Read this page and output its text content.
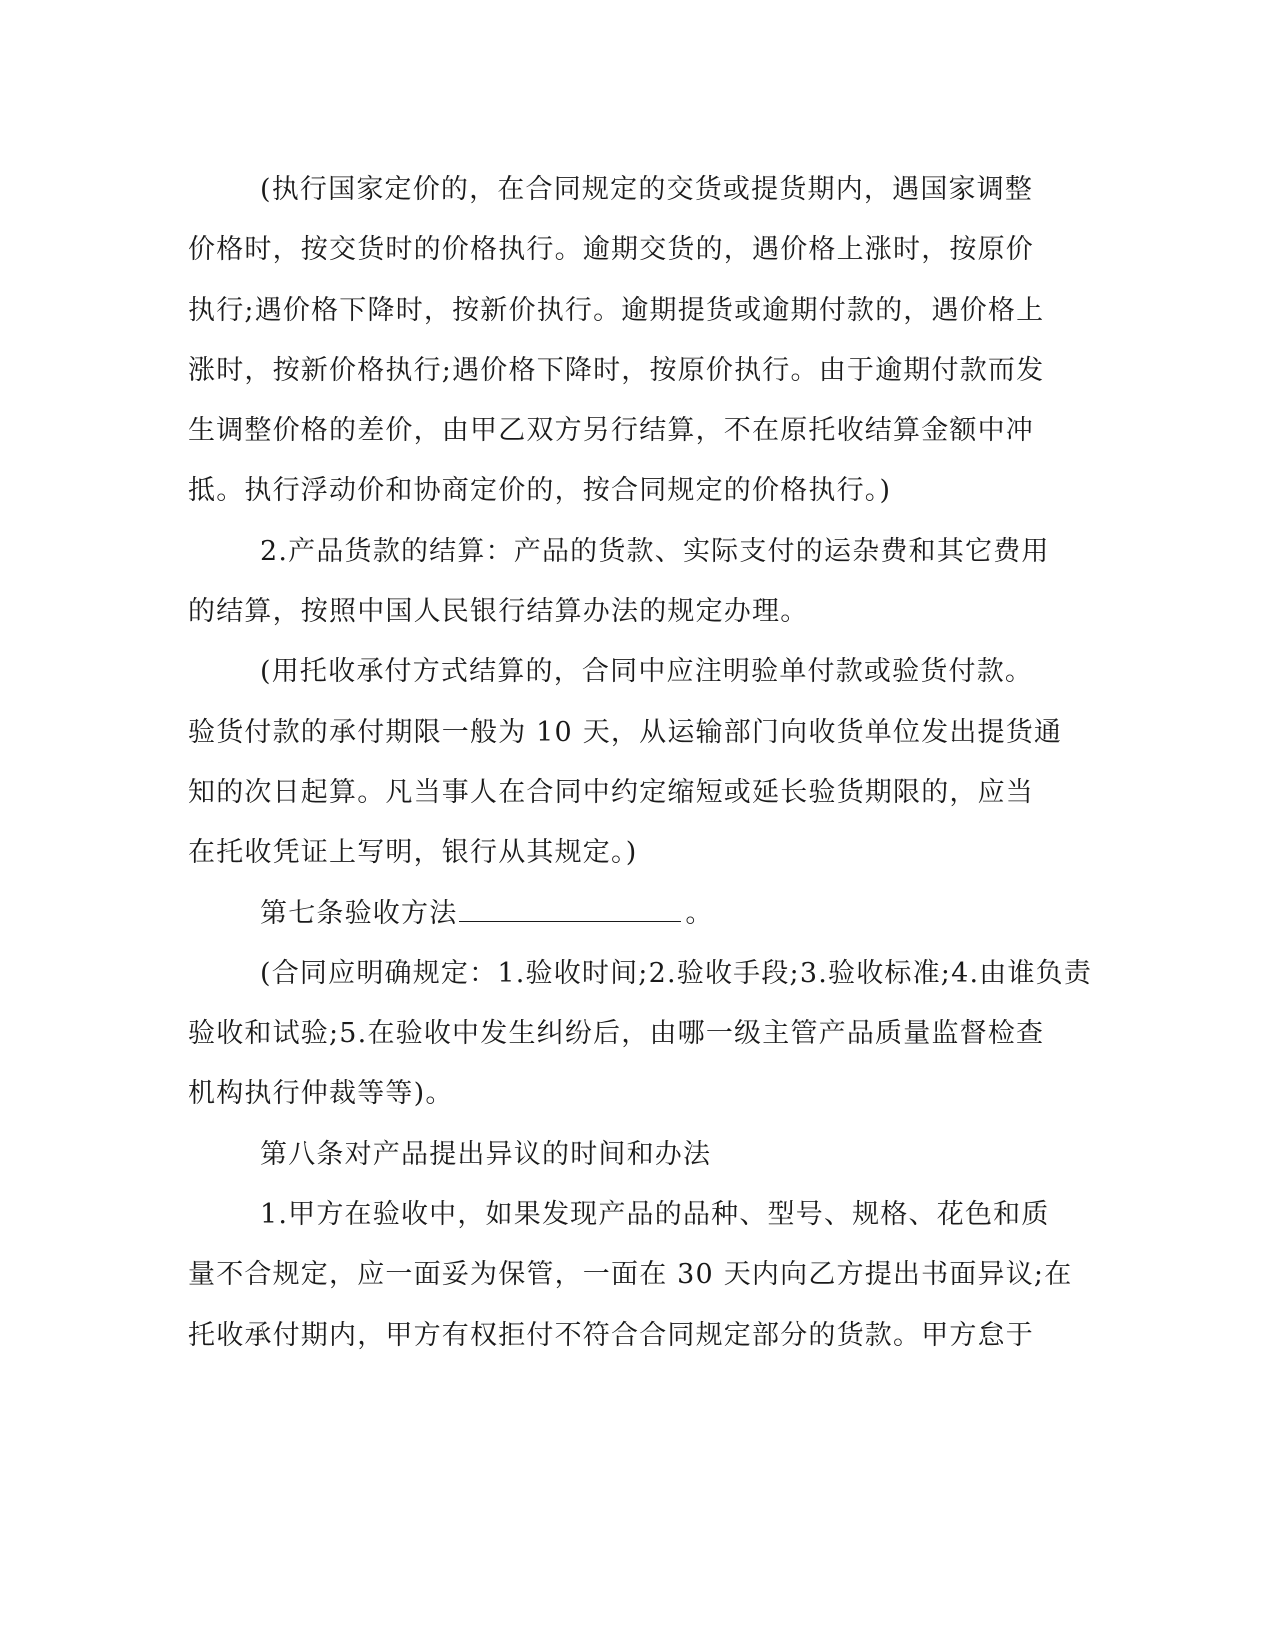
(执行国家定价的，在合同规定的交货或提货期内，遇国家调整
价格时，按交货时的价格执行。逾期交货的，遇价格上涨时，按原价
执行;遇价格下降时，按新价执行。逾期提货或逾期付款的，遇价格上
涨时，按新价格执行;遇价格下降时，按原价执行。由于逾期付款而发
生调整价格的差价，由甲乙双方另行结算，不在原托收结算金额中冲
抵。执行浮动价和协商定价的，按合同规定的价格执行。)
2.产品货款的结算：产品的货款、实际支付的运杂费和其它费用
的结算，按照中国人民银行结算办法的规定办理。
(用托收承付方式结算的，合同中应注明验单付款或验货付款。
验货付款的承付期限一般为 10 天，从运输部门向收货单位发出提货通
知的次日起算。凡当事人在合同中约定缩短或延长验货期限的，应当
在托收凭证上写明，银行从其规定。)
第七条验收方法	。
(合同应明确规定：1.验收时间;2.验收手段;3.验收标准;4.由谁负责
验收和试验;5.在验收中发生纠纷后，由哪一级主管产品质量监督检查
机构执行仲裁等等)。
第八条对产品提出异议的时间和办法
1.甲方在验收中，如果发现产品的品种、型号、规格、花色和质
量不合规定，应一面妥为保管，一面在 30 天内向乙方提出书面异议;在
托收承付期内，甲方有权拒付不符合合同规定部分的货款。甲方怠于
